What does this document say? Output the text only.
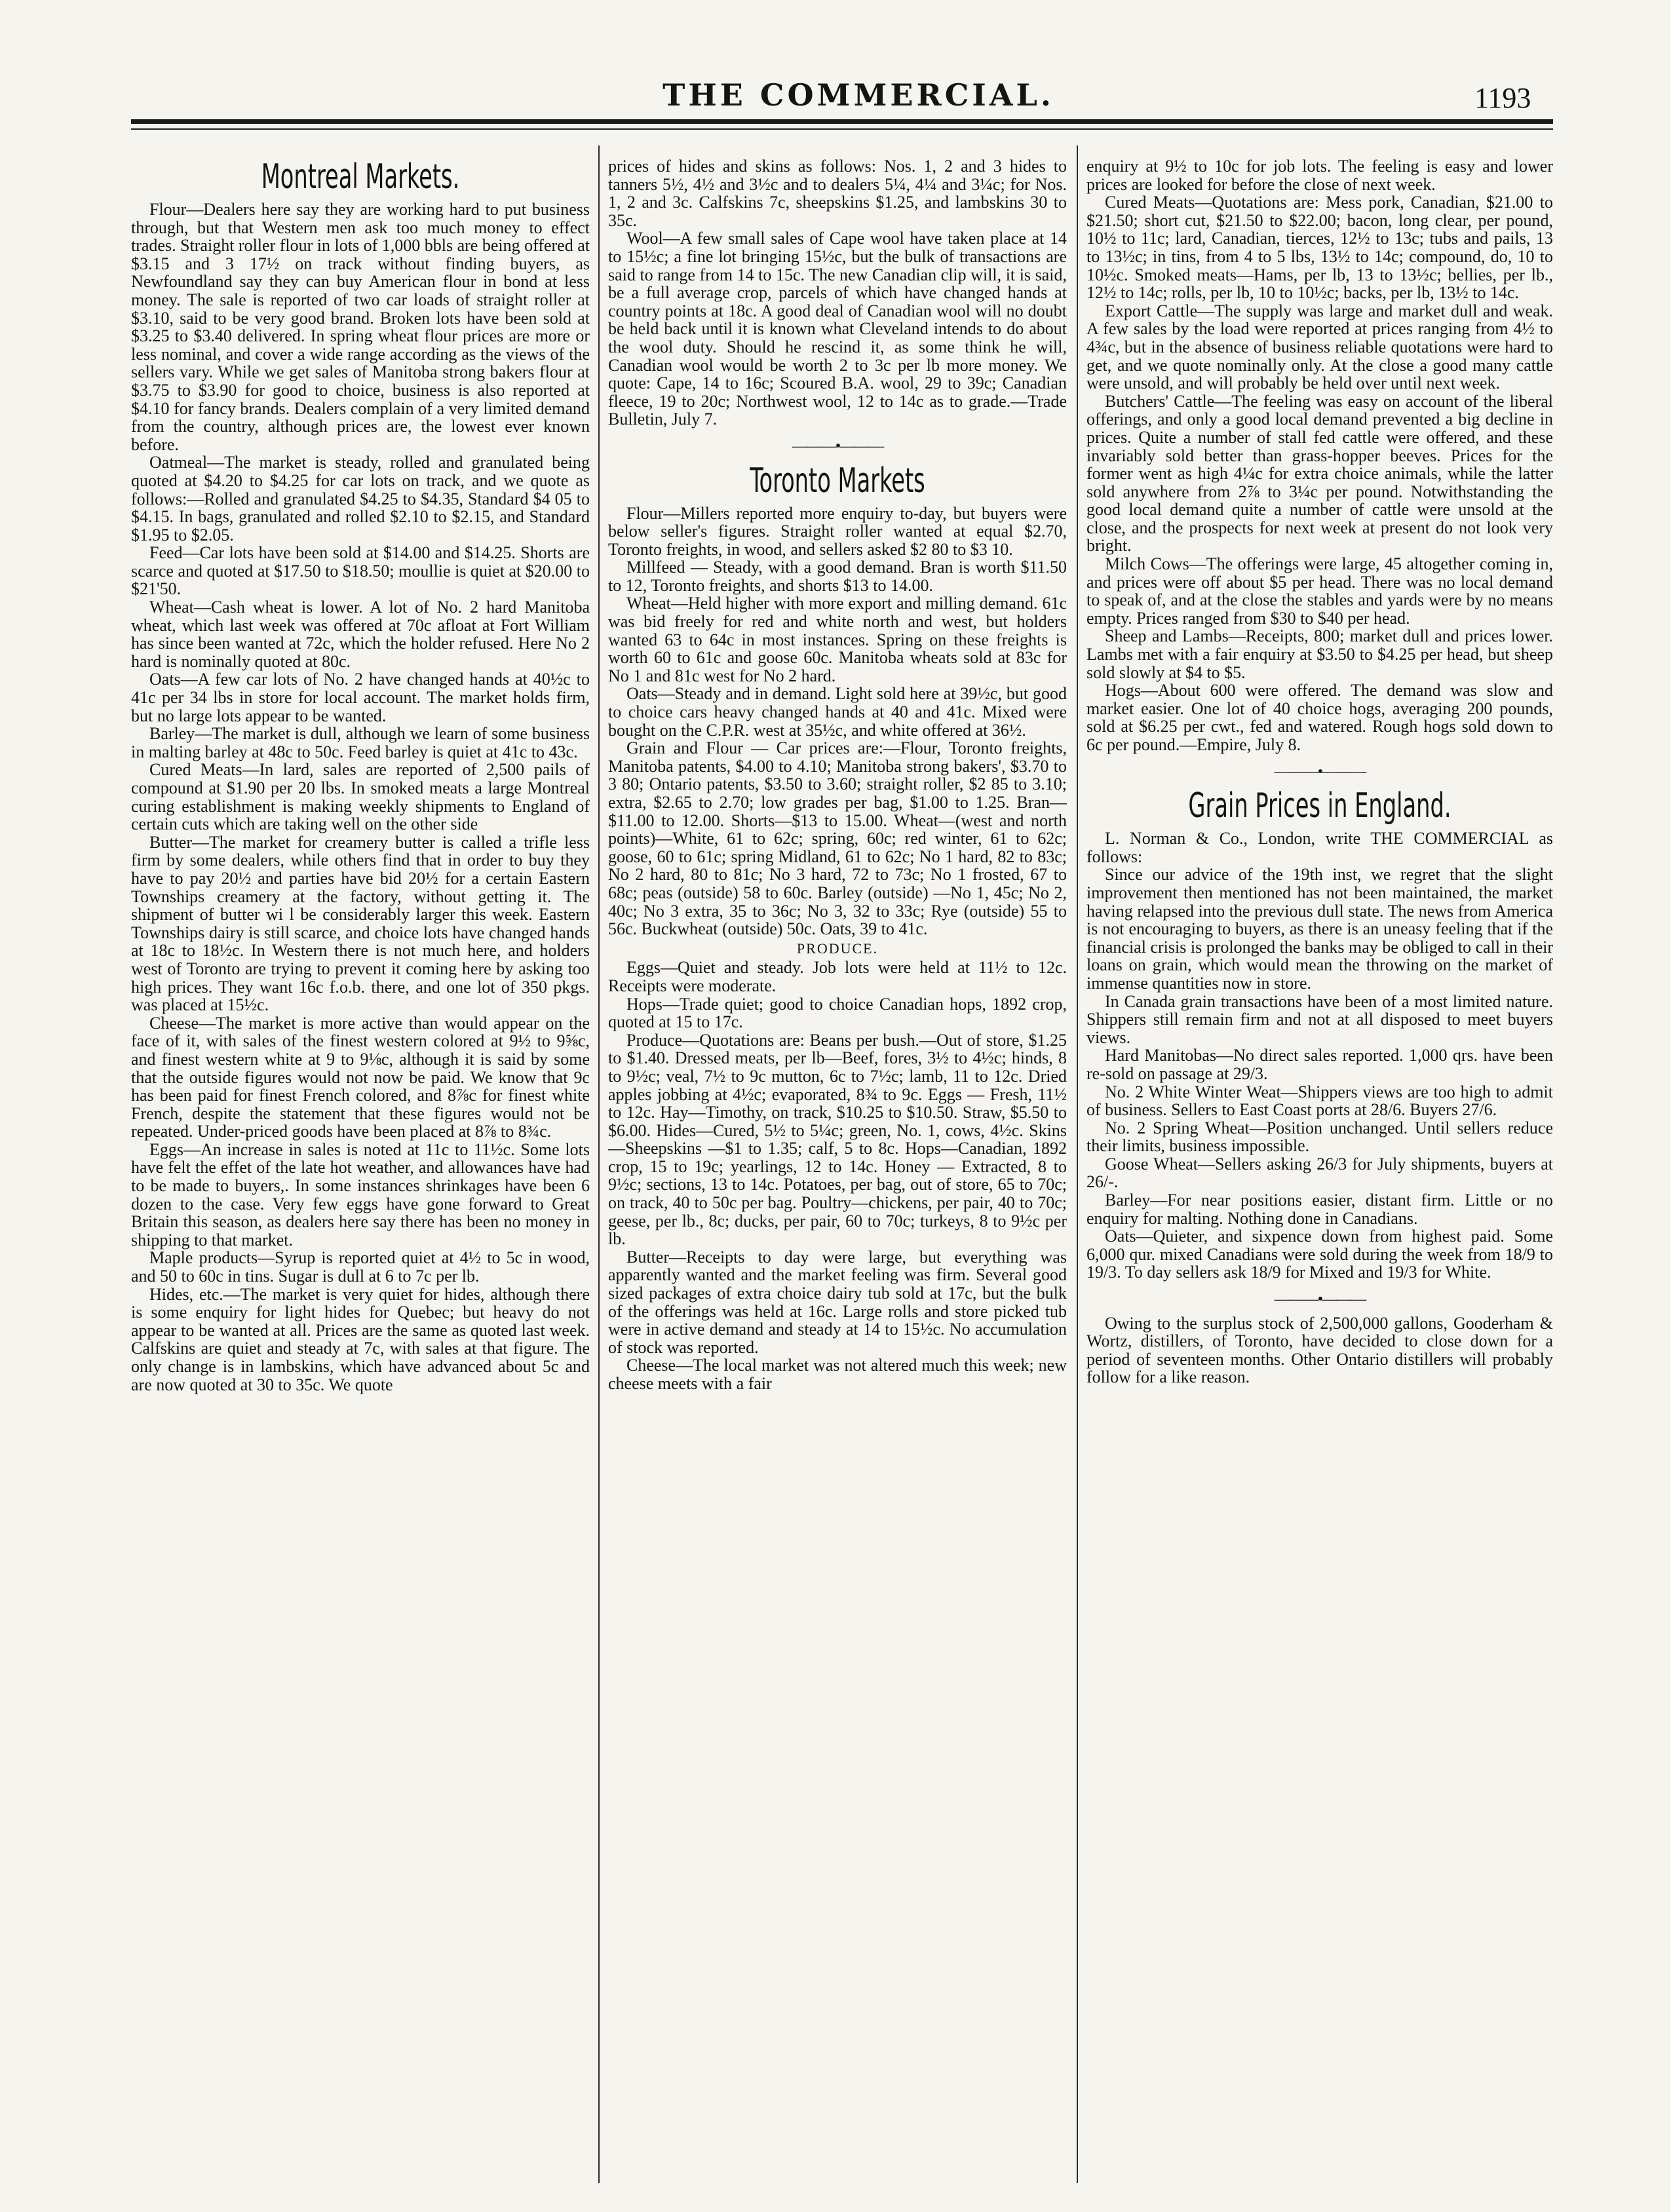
THE COMMERCIAL.	1193
Montreal Markets.

Flour—Dealers here say they are working hard to put business through, but that Western men ask too much money to effect trades. Straight roller flour in lots of 1,000 bbls are being offered at $3.15 and 3 17½ on track without finding buyers, as Newfoundland say they can buy American flour in bond at less money. The sale is reported of two car loads of straight roller at $3.10, said to be very good brand. Broken lots have been sold at $3.25 to $3.40 delivered. In spring wheat flour prices are more or less nominal, and cover a wide range according as the views of the sellers vary. While we get sales of Manitoba strong bakers flour at $3.75 to $3.90 for good to choice, business is also reported at $4.10 for fancy brands. Dealers complain of a very limited demand from the country, although prices are, the lowest ever known before.

Oatmeal—The market is steady, rolled and granulated being quoted at $4.20 to $4.25 for car lots on track, and we quote as follows:—Rolled and granulated $4.25 to $4.35, Standard $4 05 to $4.15. In bags, granulated and rolled $2.10 to $2.15, and Standard $1.95 to $2.05.

Feed—Car lots have been sold at $14.00 and $14.25. Shorts are scarce and quoted at $17.50 to $18.50; moullie is quiet at $20.00 to $21'50.

Wheat—Cash wheat is lower. A lot of No. 2 hard Manitoba wheat, which last week was offered at 70c afloat at Fort William has since been wanted at 72c, which the holder refused. Here No 2 hard is nominally quoted at 80c.

Oats—A few car lots of No. 2 have changed hands at 40½c to 41c per 34 lbs in store for local account. The market holds firm, but no large lots appear to be wanted.

Barley—The market is dull, although we learn of some business in malting barley at 48c to 50c. Feed barley is quiet at 41c to 43c.

Cured Meats—In lard, sales are reported of 2,500 pails of compound at $1.90 per 20 lbs. In smoked meats a large Montreal curing establishment is making weekly shipments to England of certain cuts which are taking well on the other side

Butter—The market for creamery butter is called a trifle less firm by some dealers, while others find that in order to buy they have to pay 20½ and parties have bid 20½ for a certain Eastern Townships creamery at the factory, without getting it. The shipment of butter wi l be considerably larger this week. Eastern Townships dairy is still scarce, and choice lots have changed hands at 18c to 18½c. In Western there is not much here, and holders west of Toronto are trying to prevent it coming here by asking too high prices. They want 16c f.o.b. there, and one lot of 350 pkgs. was placed at 15½c.

Cheese—The market is more active than would appear on the face of it, with sales of the finest western colored at 9½ to 9⅝c, and finest western white at 9 to 9⅛c, although it is said by some that the outside figures would not now be paid. We know that 9c has been paid for finest French colored, and 8⅞c for finest white French, despite the statement that these figures would not be repeated. Under-priced goods have been placed at 8⅞ to 8¾c.

Eggs—An increase in sales is noted at 11c to 11½c. Some lots have felt the effet of the late hot weather, and allowances have had to be made to buyers,. In some instances shrinkages have been 6 dozen to the case. Very few eggs have gone forward to Great Britain this season, as dealers here say there has been no money in shipping to that market.

Maple products—Syrup is reported quiet at 4½ to 5c in wood, and 50 to 60c in tins. Sugar is dull at 6 to 7c per lb.

Hides, etc.—The market is very quiet for hides, although there is some enquiry for light hides for Quebec; but heavy do not appear to be wanted at all. Prices are the same as quoted last week. Calfskins are quiet and steady at 7c, with sales at that figure. The only change is in lambskins, which have advanced about 5c and are now quoted at 30 to 35c. We quote

prices of hides and skins as follows: Nos. 1, 2 and 3 hides to tanners 5½, 4½ and 3½c and to dealers 5¼, 4¼ and 3¼c; for Nos. 1, 2 and 3c. Calfskins 7c, sheepskins $1.25, and lambskins 30 to 35c.

Wool—A few small sales of Cape wool have taken place at 14 to 15½c; a fine lot bringing 15½c, but the bulk of transactions are said to range from 14 to 15c. The new Canadian clip will, it is said, be a full average crop, parcels of which have changed hands at country points at 18c. A good deal of Canadian wool will no doubt be held back until it is known what Cleveland intends to do about the wool duty. Should he rescind it, as some think he will, Canadian wool would be worth 2 to 3c per lb more money. We quote: Cape, 14 to 16c; Scoured B.A. wool, 29 to 39c; Canadian fleece, 19 to 20c; Northwest wool, 12 to 14c as to grade.—Trade Bulletin, July 7.

———•———
Toronto Markets

Flour—Millers reported more enquiry to-day, but buyers were below seller's figures. Straight roller wanted at equal $2.70, Toronto freights, in wood, and sellers asked $2 80 to $3 10.

Millfeed — Steady, with a good demand. Bran is worth $11.50 to 12, Toronto freights, and shorts $13 to 14.00.

Wheat—Held higher with more export and milling demand. 61c was bid freely for red and white north and west, but holders wanted 63 to 64c in most instances. Spring on these freights is worth 60 to 61c and goose 60c. Manitoba wheats sold at 83c for No 1 and 81c west for No 2 hard.

Oats—Steady and in demand. Light sold here at 39½c, but good to choice cars heavy changed hands at 40 and 41c. Mixed were bought on the C.P.R. west at 35½c, and white offered at 36½.

Grain and Flour — Car prices are:—Flour, Toronto freights, Manitoba patents, $4.00 to 4.10; Manitoba strong bakers', $3.70 to 3 80; Ontario patents, $3.50 to 3.60; straight roller, $2 85 to 3.10; extra, $2.65 to 2.70; low grades per bag, $1.00 to 1.25. Bran—$11.00 to 12.00. Shorts—$13 to 15.00. Wheat—(west and north points)—White, 61 to 62c; spring, 60c; red winter, 61 to 62c; goose, 60 to 61c; spring Midland, 61 to 62c; No 1 hard, 82 to 83c; No 2 hard, 80 to 81c; No 3 hard, 72 to 73c; No 1 frosted, 67 to 68c; peas (outside) 58 to 60c. Barley (outside) —No 1, 45c; No 2, 40c; No 3 extra, 35 to 36c; No 3, 32 to 33c; Rye (outside) 55 to 56c. Buckwheat (outside) 50c. Oats, 39 to 41c.

PRODUCE.

Eggs—Quiet and steady. Job lots were held at 11½ to 12c. Receipts were moderate.

Hops—Trade quiet; good to choice Canadian hops, 1892 crop, quoted at 15 to 17c.

Produce—Quotations are: Beans per bush.—Out of store, $1.25 to $1.40. Dressed meats, per lb—Beef, fores, 3½ to 4½c; hinds, 8 to 9½c; veal, 7½ to 9c mutton, 6c to 7½c; lamb, 11 to 12c. Dried apples jobbing at 4½c; evaporated, 8¾ to 9c. Eggs — Fresh, 11½ to 12c. Hay—Timothy, on track, $10.25 to $10.50. Straw, $5.50 to $6.00. Hides—Cured, 5½ to 5¼c; green, No. 1, cows, 4½c. Skins—Sheepskins —$1 to 1.35; calf, 5 to 8c. Hops—Canadian, 1892 crop, 15 to 19c; yearlings, 12 to 14c. Honey — Extracted, 8 to 9½c; sections, 13 to 14c. Potatoes, per bag, out of store, 65 to 70c; on track, 40 to 50c per bag. Poultry—chickens, per pair, 40 to 70c; geese, per lb., 8c; ducks, per pair, 60 to 70c; turkeys, 8 to 9½c per lb.

Butter—Receipts to day were large, but everything was apparently wanted and the market feeling was firm. Several good sized packages of extra choice dairy tub sold at 17c, but the bulk of the offerings was held at 16c. Large rolls and store picked tub were in active demand and steady at 14 to 15½c. No accumulation of stock was reported.

Cheese—The local market was not altered much this week; new cheese meets with a fair

enquiry at 9½ to 10c for job lots. The feeling is easy and lower prices are looked for before the close of next week.

Cured Meats—Quotations are: Mess pork, Canadian, $21.00 to $21.50; short cut, $21.50 to $22.00; bacon, long clear, per pound, 10½ to 11c; lard, Canadian, tierces, 12½ to 13c; tubs and pails, 13 to 13½c; in tins, from 4 to 5 lbs, 13½ to 14c; compound, do, 10 to 10½c. Smoked meats—Hams, per lb, 13 to 13½c; bellies, per lb., 12½ to 14c; rolls, per lb, 10 to 10½c; backs, per lb, 13½ to 14c.

Export Cattle—The supply was large and market dull and weak. A few sales by the load were reported at prices ranging from 4½ to 4¾c, but in the absence of business reliable quotations were hard to get, and we quote nominally only. At the close a good many cattle were unsold, and will probably be held over until next week.

Butchers' Cattle—The feeling was easy on account of the liberal offerings, and only a good local demand prevented a big decline in prices. Quite a number of stall fed cattle were offered, and these invariably sold better than grass-hopper beeves. Prices for the former went as high 4¼c for extra choice animals, while the latter sold anywhere from 2⅞ to 3¼c per pound. Notwithstanding the good local demand quite a number of cattle were unsold at the close, and the prospects for next week at present do not look very bright.

Milch Cows—The offerings were large, 45 altogether coming in, and prices were off about $5 per head. There was no local demand to speak of, and at the close the stables and yards were by no means empty. Prices ranged from $30 to $40 per head.

Sheep and Lambs—Receipts, 800; market dull and prices lower. Lambs met with a fair enquiry at $3.50 to $4.25 per head, but sheep sold slowly at $4 to $5.

Hogs—About 600 were offered. The demand was slow and market easier. One lot of 40 choice hogs, averaging 200 pounds, sold at $6.25 per cwt., fed and watered. Rough hogs sold down to 6c per pound.—Empire, July 8.

———•———
Grain Prices in England.

L. Norman & Co., London, write THE COMMERCIAL as follows:

Since our advice of the 19th inst, we regret that the slight improvement then mentioned has not been maintained, the market having relapsed into the previous dull state. The news from America is not encouraging to buyers, as there is an uneasy feeling that if the financial crisis is prolonged the banks may be obliged to call in their loans on grain, which would mean the throwing on the market of immense quantities now in store.

In Canada grain transactions have been of a most limited nature. Shippers still remain firm and not at all disposed to meet buyers views.

Hard Manitobas—No direct sales reported. 1,000 qrs. have been re-sold on passage at 29/3.

No. 2 White Winter Weat—Shippers views are too high to admit of business. Sellers to East Coast ports at 28/6. Buyers 27/6.

No. 2 Spring Wheat—Position unchanged. Until sellers reduce their limits, business impossible.

Goose Wheat—Sellers asking 26/3 for July shipments, buyers at 26/-.

Barley—For near positions easier, distant firm. Little or no enquiry for malting. Nothing done in Canadians.

Oats—Quieter, and sixpence down from highest paid. Some 6,000 qur. mixed Canadians were sold during the week from 18/9 to 19/3. To day sellers ask 18/9 for Mixed and 19/3 for White.

———•———

Owing to the surplus stock of 2,500,000 gallons, Gooderham & Wortz, distillers, of Toronto, have decided to close down for a period of seventeen months. Other Ontario distillers will probably follow for a like reason.
